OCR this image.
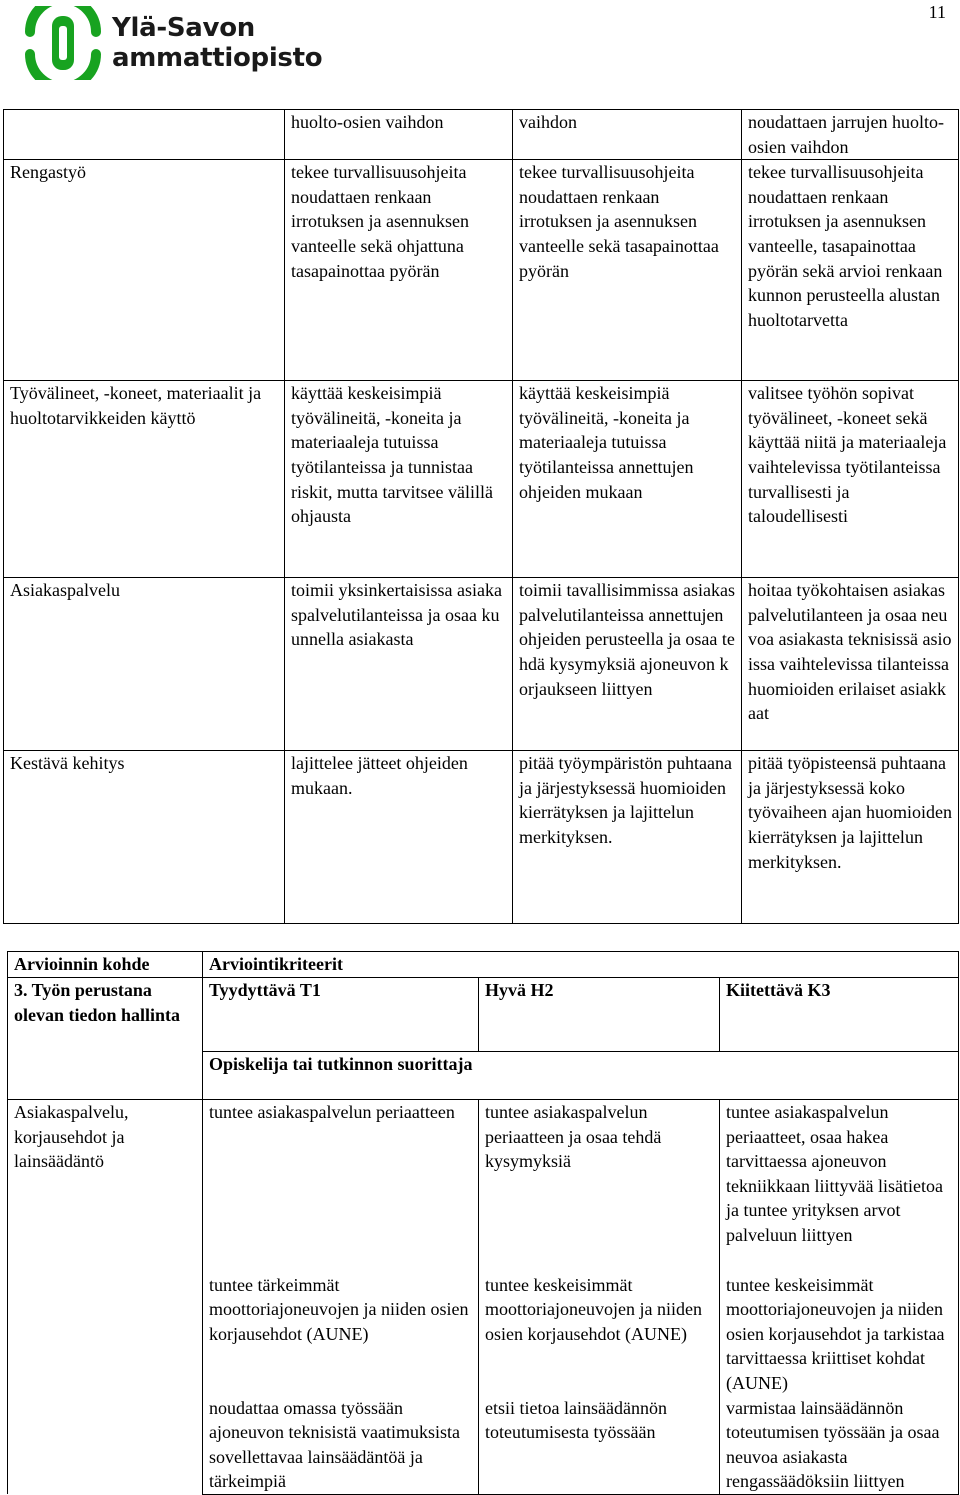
11
Ylä-Savon
ammattiopisto
	huolto-osien vaihdon	vaihdon	noudattaen jarrujen huolto-osien vaihdon
Rengastyö	tekee turvallisuusohjeita noudattaen renkaan irrotuksen ja asennuksen vanteelle sekä ohjattuna tasapainottaa pyörän	tekee turvallisuusohjeita noudattaen renkaan irrotuksen ja asennuksen vanteelle sekä tasapainottaa pyörän	tekee turvallisuusohjeita noudattaen renkaan irrotuksen ja asennuksen vanteelle, tasapainottaa pyörän sekä arvioi renkaan kunnon perusteella alustan huoltotarvetta
Työvälineet, -koneet, materiaalit ja huoltotarvikkeiden käyttö	käyttää keskeisimpiä työvälineitä, -koneita ja materiaaleja tutuissa työtilanteissa ja tunnistaa riskit, mutta tarvitsee välillä ohjausta	käyttää keskeisimpiä työvälineitä, -koneita ja materiaaleja tutuissa työtilanteissa annettujen ohjeiden mukaan	valitsee työhön sopivat työvälineet, -koneet sekä käyttää niitä ja materiaaleja vaihtelevissa työtilanteissa turvallisesti ja taloudellisesti
Asiakaspalvelu	toimii yksinkertaisissa asiakaspalvelutilanteissa ja osaa kuunnella asiakasta	toimii tavallisimmissa asiakaspalvelutilanteissa annettujen ohjeiden perusteella ja osaa tehdä kysymyksiä ajoneuvon korjaukseen liittyen	hoitaa työkohtaisen asiakaspalvelutilanteen ja osaa neuvoa asiakasta teknisissä asioissa vaihtelevissa tilanteissa huomioiden erilaiset asiakkaat
Kestävä kehitys	lajittelee jätteet ohjeiden mukaan.	pitää työympäristön puhtaana ja järjestyksessä huomioiden kierrätyksen ja lajittelun merkityksen.	pitää työpisteensä puhtaana ja järjestyksessä koko työvaiheen ajan huomioiden kierrätyksen ja lajittelun merkityksen.
Arvioinnin kohde	Arviointikriteerit		
3. Työn perustana olevan tiedon hallinta	Tyydyttävä T1	Hyvä H2	Kiitettävä K3
	Opiskelija tai tutkinnon suorittaja		
Asiakaspalvelu, korjausehdot ja lainsäädäntö	tuntee asiakaspalvelun periaatteen	tuntee asiakaspalvelun periaatteen ja osaa tehdä kysymyksiä	tuntee asiakaspalvelun periaatteet, osaa hakea tarvittaessa ajoneuvon tekniikkaan liittyvää lisätietoa ja tuntee yrityksen arvot palveluun liittyen
	tuntee tärkeimmät moottoriajoneuvojen ja niiden osien korjausehdot (AUNE)	tuntee keskeisimmät moottoriajoneuvojen ja niiden osien korjausehdot (AUNE)	tuntee keskeisimmät moottoriajoneuvojen ja niiden osien korjausehdot ja tarkistaa tarvittaessa kriittiset kohdat (AUNE)
	noudattaa omassa työssään ajoneuvon teknisistä vaatimuksista sovellettavaa lainsäädäntöä ja tärkeimpiä	etsii tietoa lainsäädännön toteutumisesta työssään	varmistaa lainsäädännön toteutumisen työssään ja osaa neuvoa asiakasta rengassäädöksiin liittyen
